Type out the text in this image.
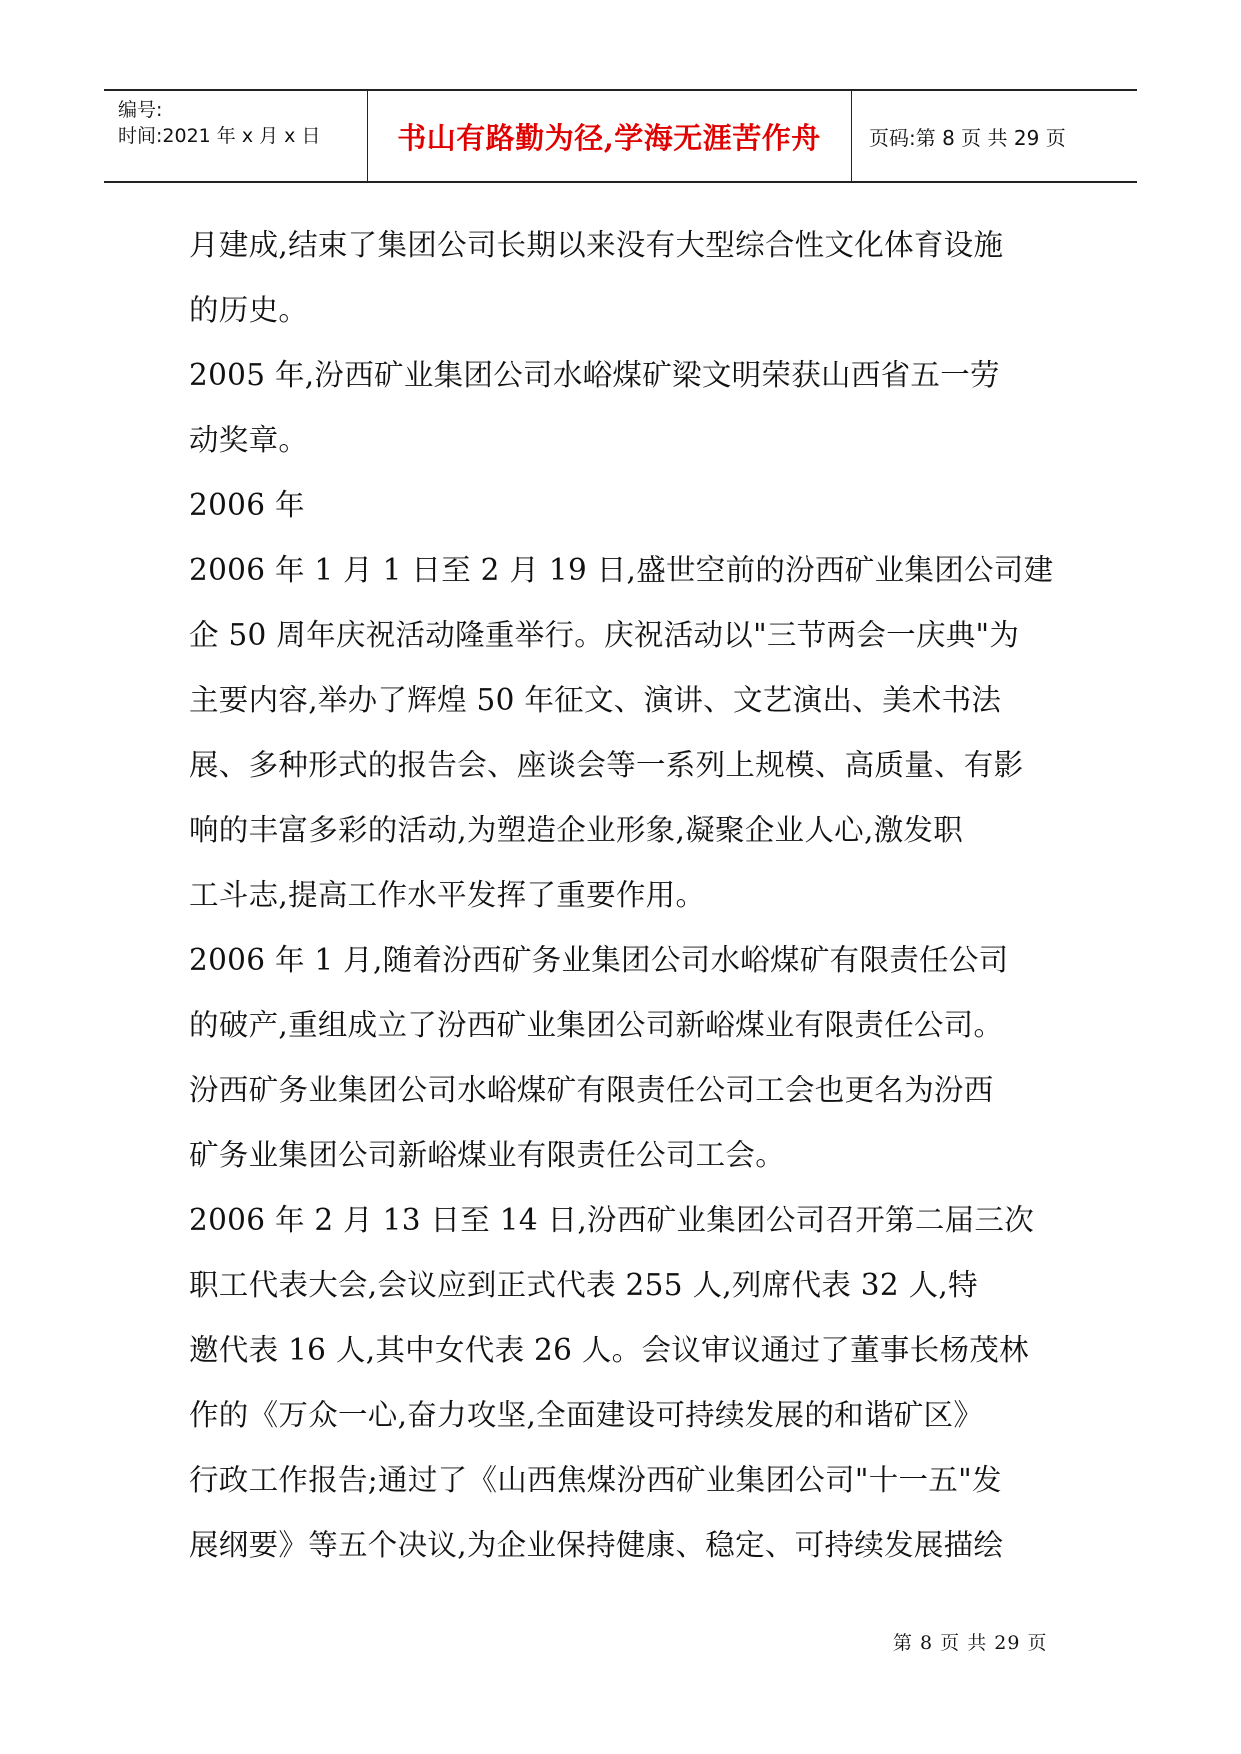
编号:
时间:2021 年 x 月 x 日	书山有路勤为径,学海无涯苦作舟 页码:第 8 页 共 29 页
月建成,结束了集团公司长期以来没有大型综合性文化体育设施
的历史。
2005 年,汾西矿业集团公司水峪煤矿梁文明荣获山西省五一劳
动奖章。
2006 年
2006 年 1 月 1 日至 2 月 19 日,盛世空前的汾西矿业集团公司建
企 50 周年庆祝活动隆重举行。庆祝活动以"三节两会一庆典"为
主要内容,举办了辉煌 50 年征文、演讲、文艺演出、美术书法
展、多种形式的报告会、座谈会等一系列上规模、高质量、有影
响的丰富多彩的活动,为塑造企业形象,凝聚企业人心,激发职
工斗志,提高工作水平发挥了重要作用。
2006 年 1 月,随着汾西矿务业集团公司水峪煤矿有限责任公司
的破产,重组成立了汾西矿业集团公司新峪煤业有限责任公司。
汾西矿务业集团公司水峪煤矿有限责任公司工会也更名为汾西
矿务业集团公司新峪煤业有限责任公司工会。
2006 年 2 月 13 日至 14 日,汾西矿业集团公司召开第二届三次
职工代表大会,会议应到正式代表 255 人,列席代表 32 人,特
邀代表 16 人,其中女代表 26 人。会议审议通过了董事长杨茂林
作的《万众一心,奋力攻坚,全面建设可持续发展的和谐矿区》
行政工作报告;通过了《山西焦煤汾西矿业集团公司"十一五"发
展纲要》等五个决议,为企业保持健康、稳定、可持续发展描绘
第 8 页 共 29 页
